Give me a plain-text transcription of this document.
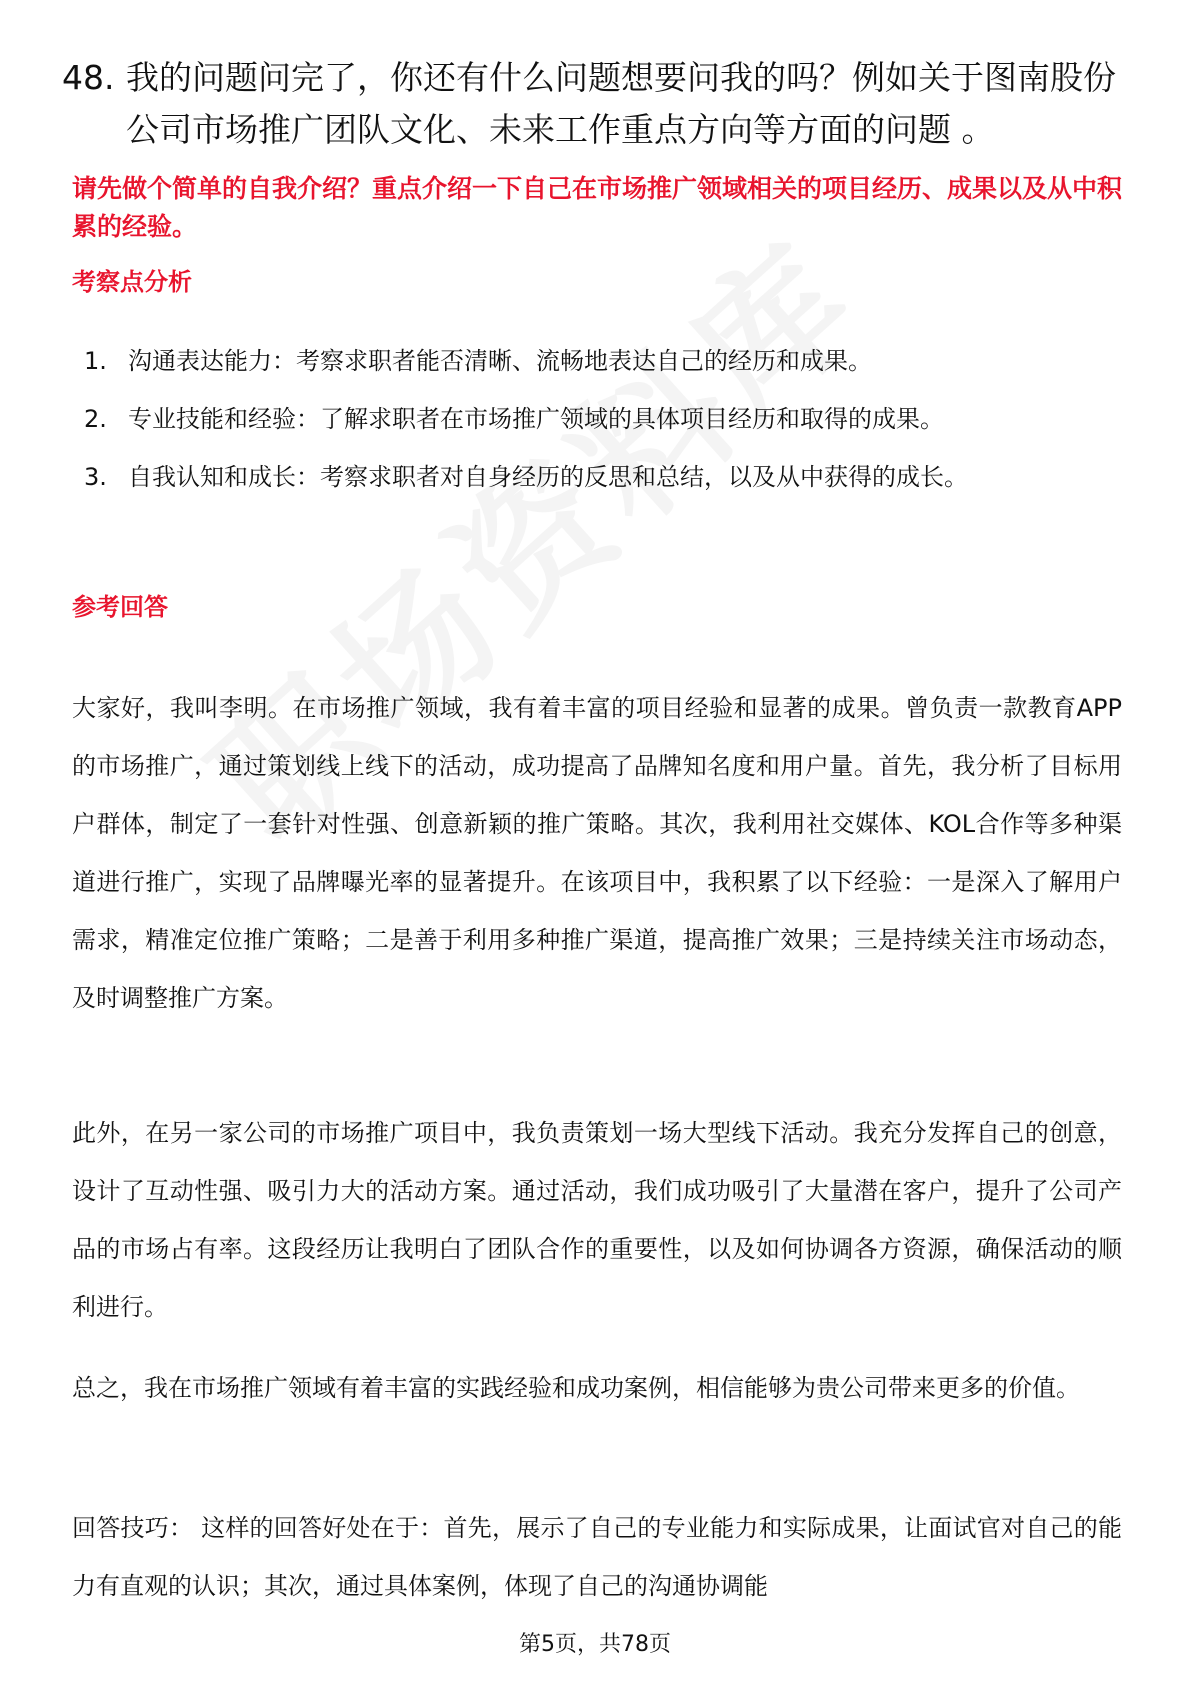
48. 我的问题问完了，你还有什么问题想要问我的吗？例如关于图南股份公司市场推广团队文化、未来工作重点方向等方面的问题 。
请先做个简单的自我介绍？重点介绍一下自己在市场推广领域相关的项目经历、成果以及从中积累的经验。
考察点分析
1. 沟通表达能力：考察求职者能否清晰、流畅地表达自己的经历和成果。
2. 专业技能和经验：了解求职者在市场推广领域的具体项目经历和取得的成果。
3. 自我认知和成长：考察求职者对自身经历的反思和总结，以及从中获得的成长。
参考回答

大家好，我叫李明。在市场推广领域，我有着丰富的项目经验和显著的成果。曾负责一款教育APP的市场推广，通过策划线上线下的活动，成功提高了品牌知名度和用户量。首先，我分析了目标用户群体，制定了一套针对性强、创意新颖的推广策略。其次，我利用社交媒体、KOL合作等多种渠道进行推广，实现了品牌曝光率的显著提升。在该项目中，我积累了以下经验：一是深入了解用户需求，精准定位推广策略；二是善于利用多种推广渠道，提高推广效果；三是持续关注市场动态，及时调整推广方案。

此外，在另一家公司的市场推广项目中，我负责策划一场大型线下活动。我充分发挥自己的创意，设计了互动性强、吸引力大的活动方案。通过活动，我们成功吸引了大量潜在客户，提升了公司产品的市场占有率。这段经历让我明白了团队合作的重要性，以及如何协调各方资源，确保活动的顺利进行。

总之，我在市场推广领域有着丰富的实践经验和成功案例，相信能够为贵公司带来更多的价值。

回答技巧： 这样的回答好处在于：首先，展示了自己的专业能力和实际成果，让面试官对自己的能力有直观的认识；其次，通过具体案例，体现了自己的沟通协调能

第5页，共78页
